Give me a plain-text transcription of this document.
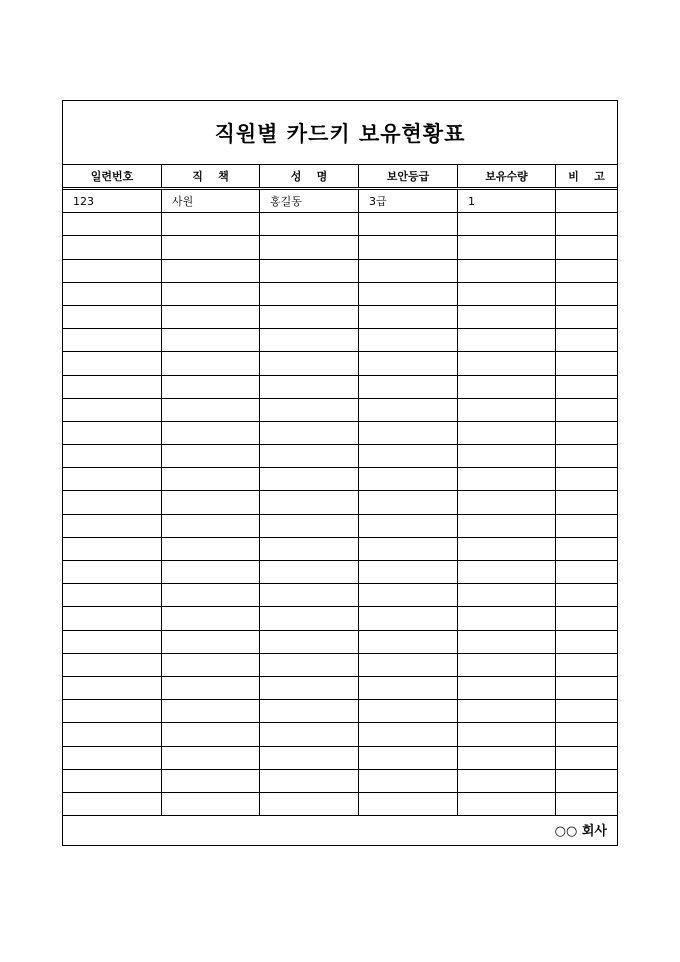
직원별 카드키 보유현황표
일련번호	직    책	성    명	보안등급	보유수량	비    고
123	사원	홍길동	3급	1
○○ 회사
